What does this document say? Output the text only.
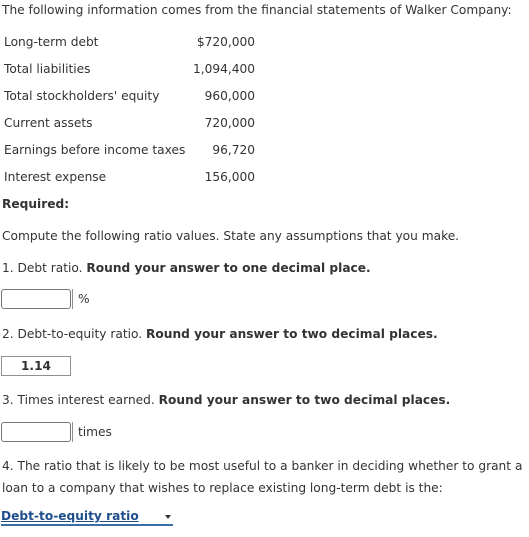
The following information comes from the financial statements of Walker Company:
Long-term debt	$720,000
Total liabilities	1,094,400
Total stockholders' equity	960,000
Current assets	720,000
Earnings before income taxes	96,720
Interest expense	156,000
Required:
Compute the following ratio values. State any assumptions that you make.
1. Debt ratio. Round your answer to one decimal place.
%
2. Debt-to-equity ratio. Round your answer to two decimal places.
1.14
3. Times interest earned. Round your answer to two decimal places.
times
4. The ratio that is likely to be most useful to a banker in deciding whether to grant a
loan to a company that wishes to replace existing long-term debt is the:
Debt-to-equity ratio
